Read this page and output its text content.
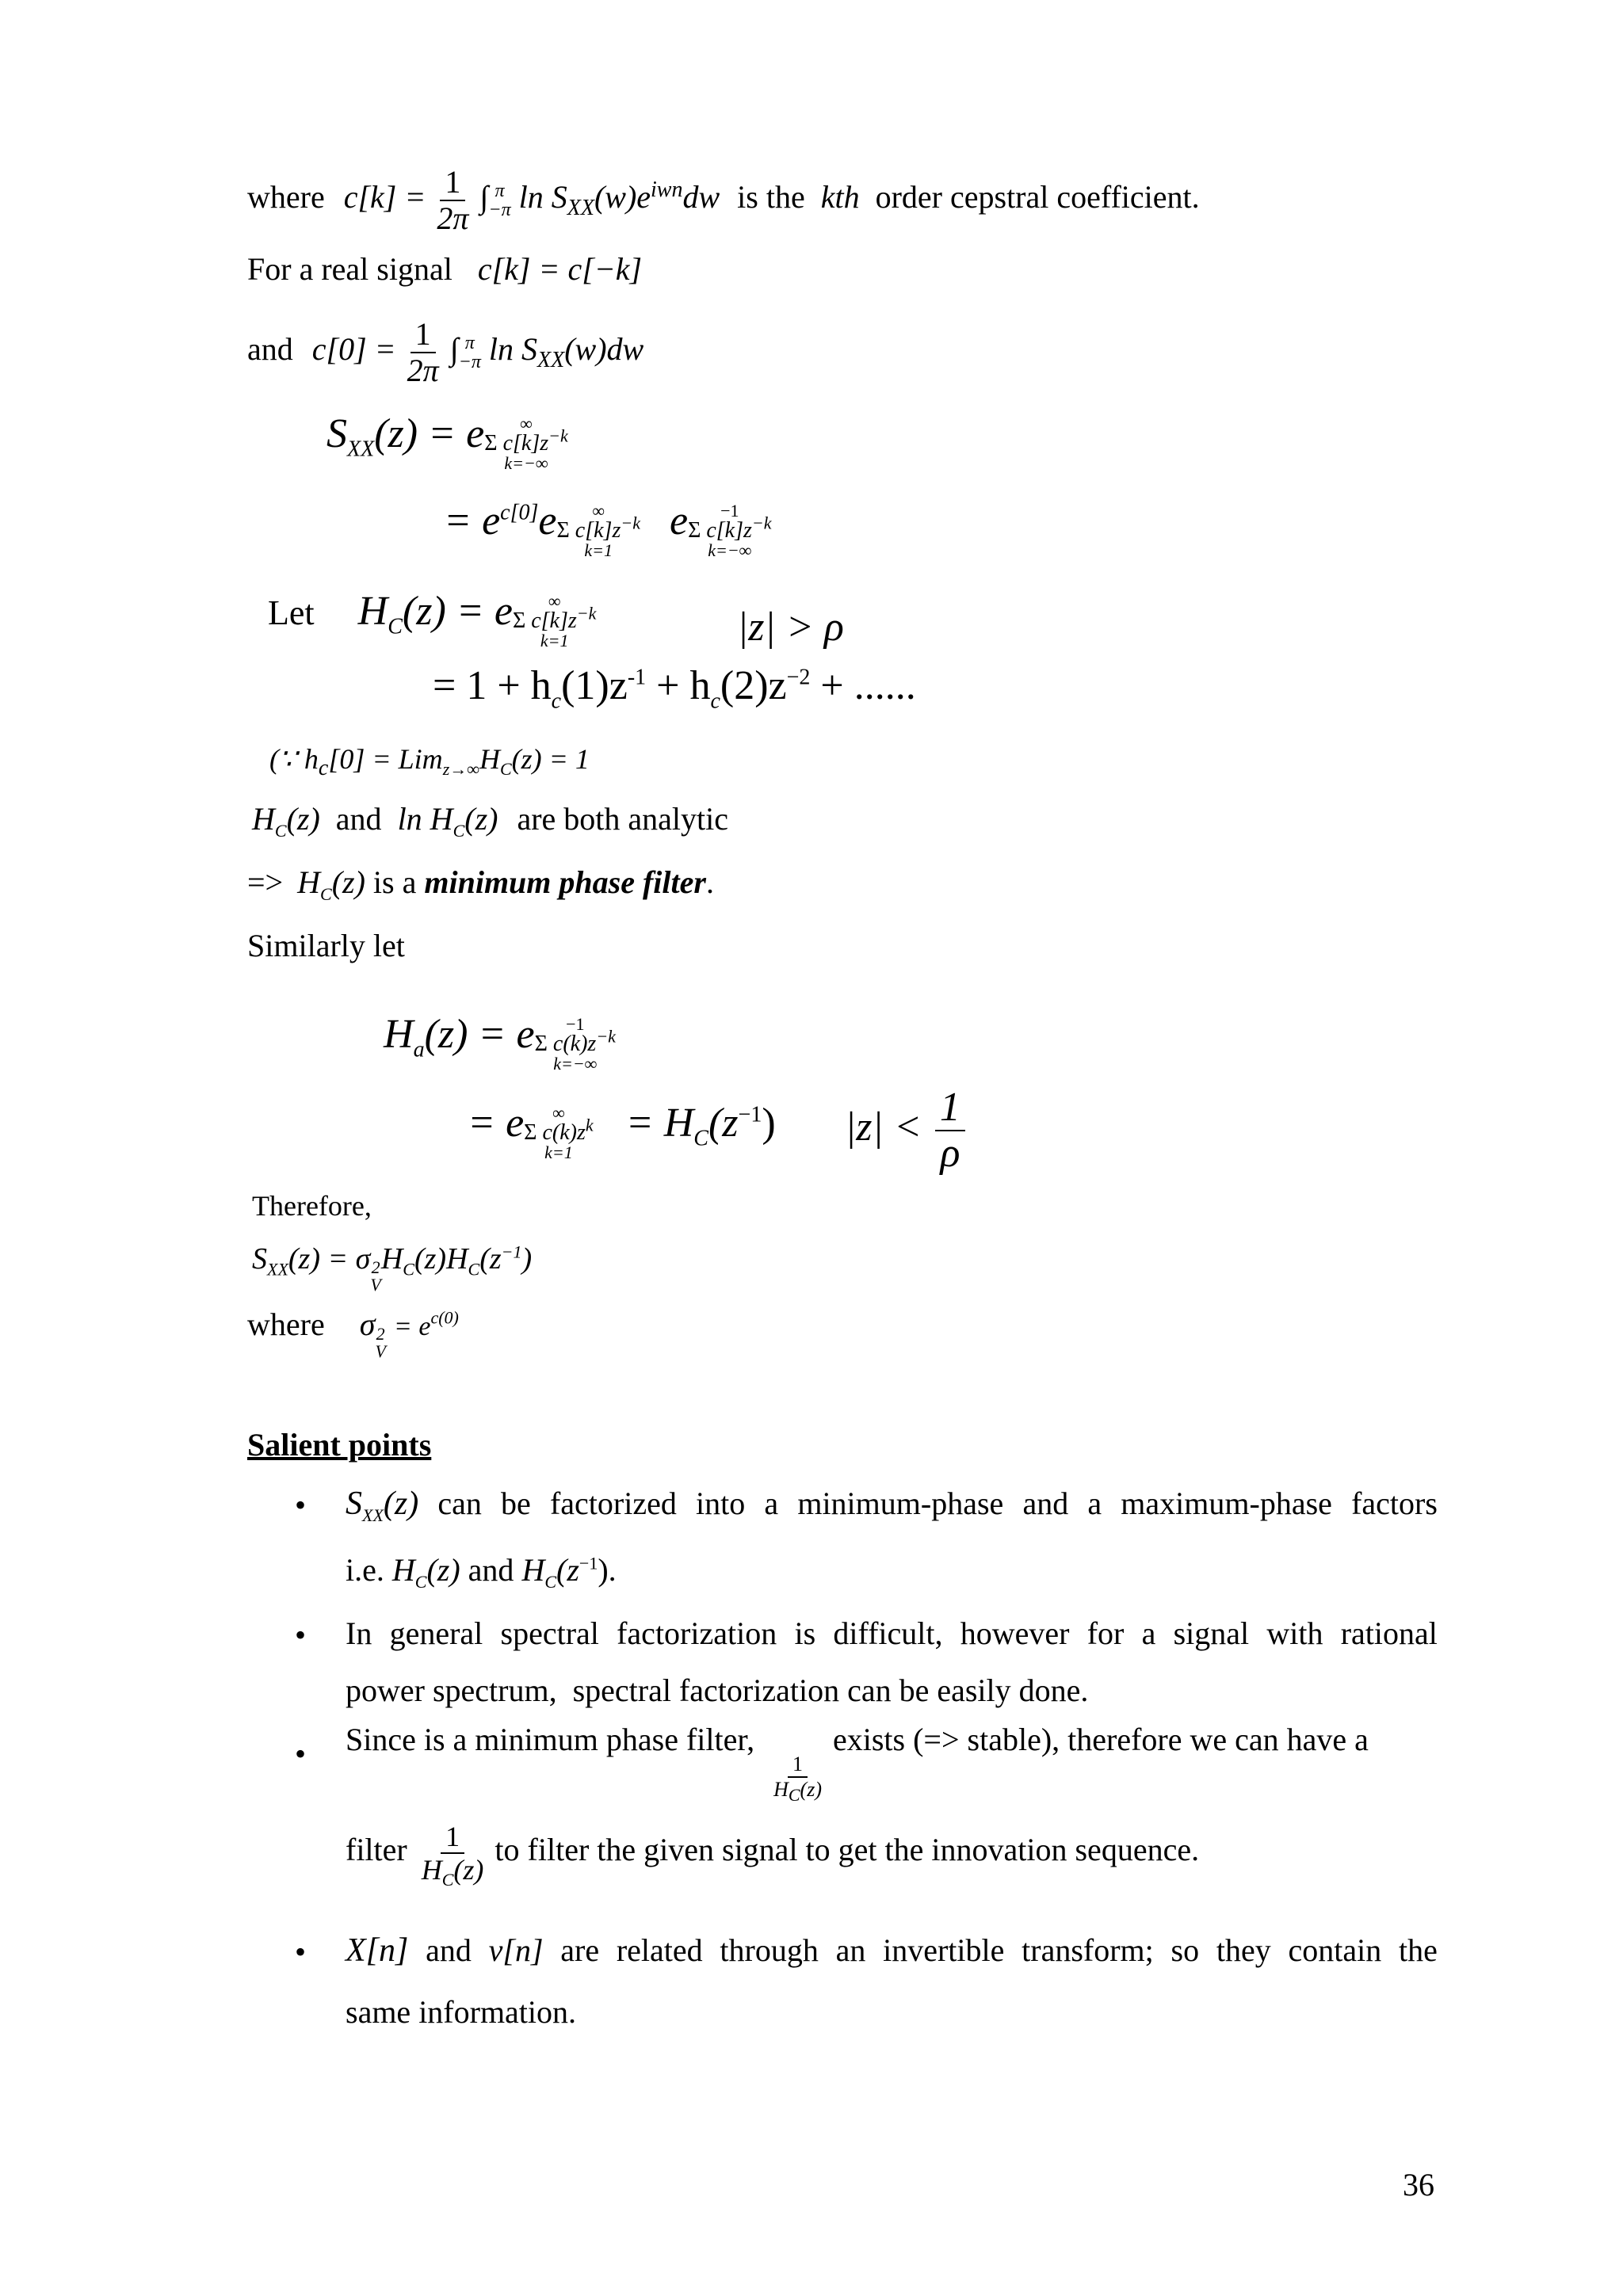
where $c[k] = \frac{1}{2\pi}$ ∫ π
−π $\ln S_{XX}(w)e^{iwn}dw$ is the kth order cepstral coefficient.
For a real signal c[k] = c[−k]
and $c[0] = \frac{1}{2\pi}$ ∫ π
−π $\ln S_{XX}(w)dw$
$S_{XX}(z) = e$ ∞
Σ $c[k]z^{-k}$
k=−∞
= $e^{c[0]}e$ ∞
Σ $c[k]z^{-k}$
k=1
e −1
Σ $c[k]z^{-k}$
k=−∞
Let $H_C(z) = e$ ∞
Σ $c[k]z^{-k}$
k=1	|z| > ρ
= $1 + h_c(1)z^{-1} + h_c(2)z^{-2}$ + ......
(∵ $h_c[0] = Lim_{z\to\infty}H_C(z) = 1$
$H_C(z)$ and $\ln H_C(z)$ are both analytic
=> $H_C(z)$ is a minimum phase filter.
Similarly let
$H_a(z) = e -1$
Σ $c(k)z^{-k}$
k=−∞
= e ∞
Σ $c(k)z^k$
k=1
= $H_C(z^{-1}) |z| < \frac{1}{\rho}$
Therefore,
$S_{XX}(z) = \sigma$ 2
V
$H_C(z)H_C(z^{-1})$
where σ 2
V
= $e^{c(0)}$
Salient points
• $S_{XX}(z)$ can be factorized into a minimum-phase and a maximum-phase factors
i.e. $H_C(z)$ and $H_C(z^{-1})$.
• In general spectral factorization is difficult, however for a signal with rational
power spectrum,  spectral factorization can be easily done.
• Since is a minimum phase filter,
$\frac{1}{H_C(z)}$
exists (=> stable), therefore we can have a
filter $\frac{1}{H_C(z)}$ to filter the given signal to get the innovation sequence.
• X[n] and v[n] are related through an invertible transform; so they contain the
same information.
36
